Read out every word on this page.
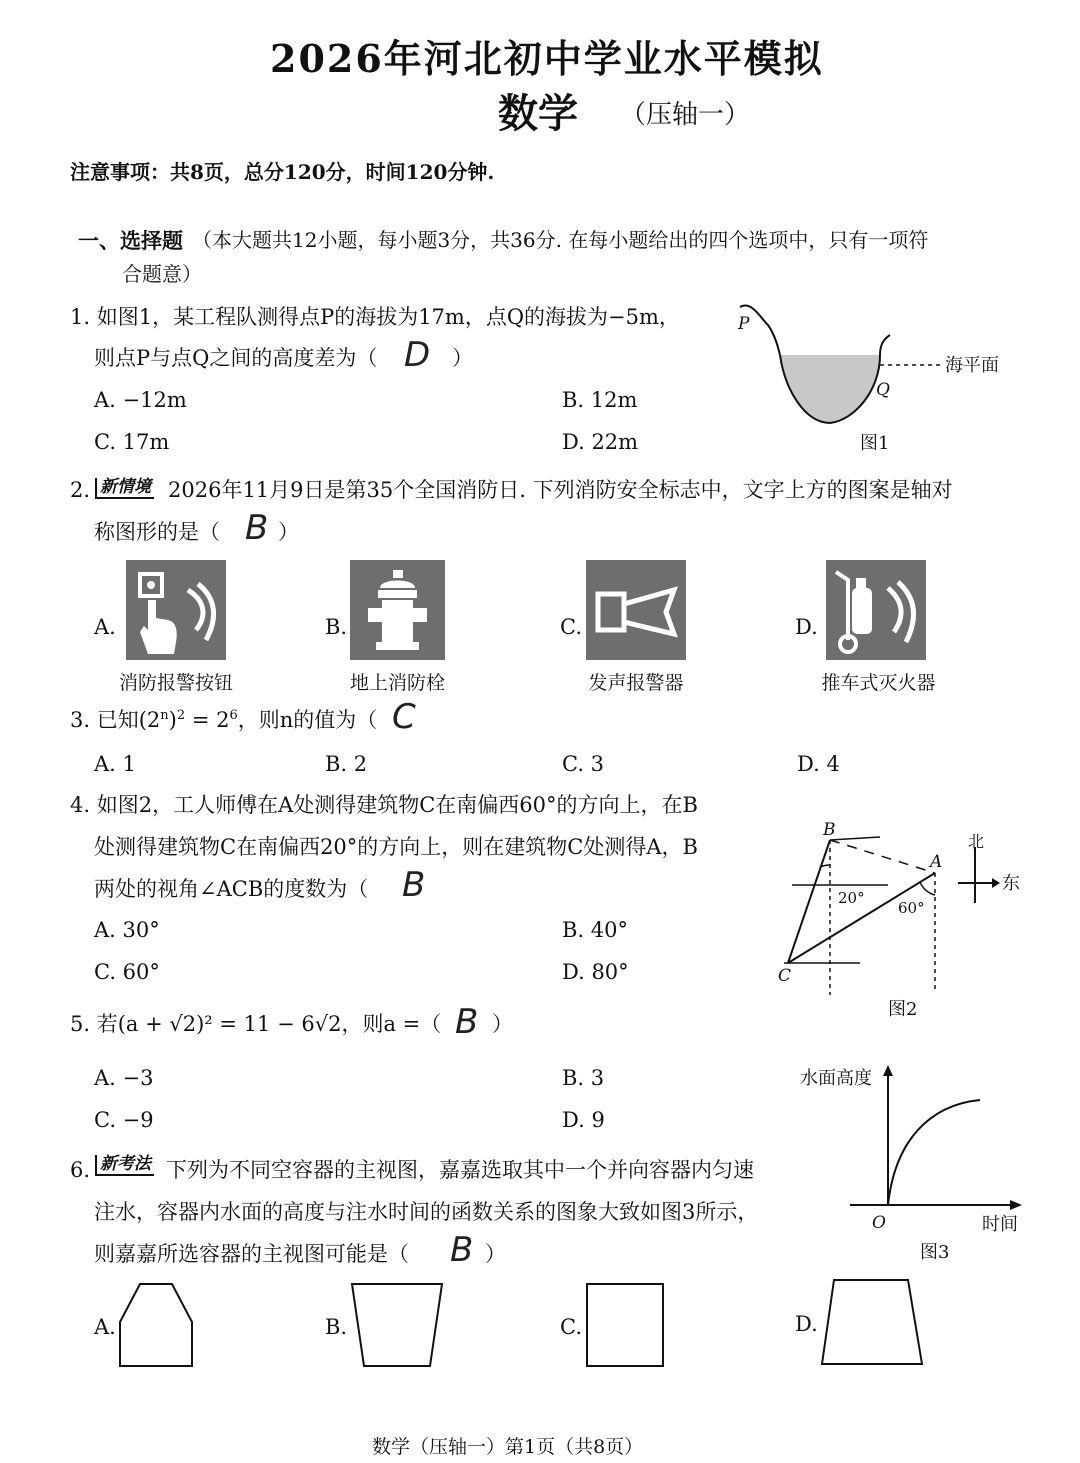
2026年河北初中学业水平模拟
数学 （压轴一）
注意事项：共8页，总分120分，时间120分钟.
一、选择题 （本大题共12小题，每小题3分，共36分. 在每小题给出的四个选项中，只有一项符
合题意）
1. 如图1，某工程队测得点P的海拔为17m，点Q的海拔为−5m，
则点P与点Q之间的高度差为（ D ）
A. −12m	B. 12m
C. 17m	D. 22m
P
Q
海平面
图1
2. 新情境 2026年11月9日是第35个全国消防日. 下列消防安全标志中，文字上方的图案是轴对
称图形的是（ B ）
A.
消防报警按钮
B.
地上消防栓
C.
发声报警器
D.
推车式灭火器
3. 已知$(2^n)^2 = 2^6$，则n的值为（ C
A. 1	B. 2	C. 3	D. 4
4. 如图2，工人师傅在A处测得建筑物C在南偏西60°的方向上，在B
处测得建筑物C在南偏西20°的方向上，则在建筑物C处测得A，B
两处的视角∠ACB的度数为（ B
A. 30°	B. 40°
C. 60°	D. 80°
B
A
C
20°
60°
北
东
图2
5. 若(a + √2)² = 11 − 6√2，则a =（ B ）
A. −3	B. 3
C. −9	D. 9
水面高度
时间
O
图3
6. 新考法 下列为不同空容器的主视图，嘉嘉选取其中一个并向容器内匀速
注水，容器内水面的高度与注水时间的函数关系的图象大致如图3所示，
则嘉嘉所选容器的主视图可能是（ B ）
A.	B.	C.	D.
数学（压轴一）第1页（共8页）
